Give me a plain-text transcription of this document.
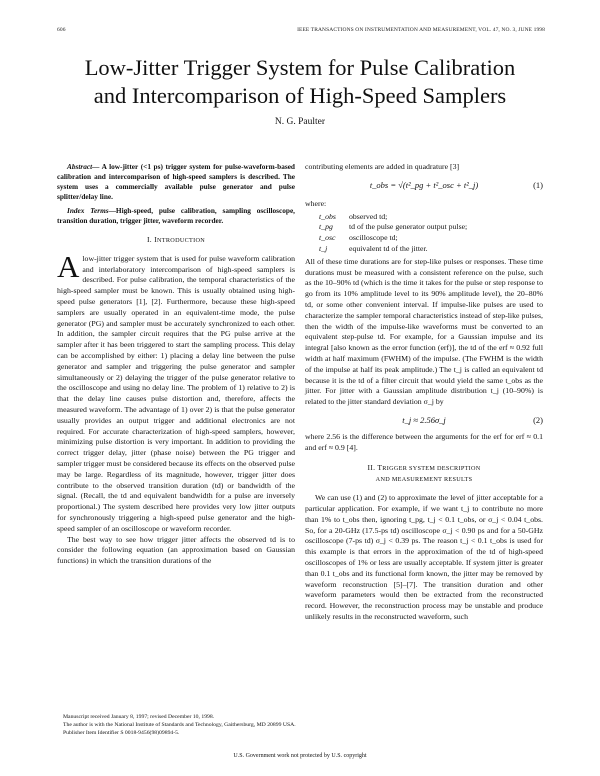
606	IEEE TRANSACTIONS ON INSTRUMENTATION AND MEASUREMENT, VOL. 47, NO. 3, JUNE 1998
Low-Jitter Trigger System for Pulse Calibration
and Intercomparison of High-Speed Samplers
N. G. Paulter

Abstract— A low-jitter (<1 ps) trigger system for pulse-waveform-based calibration and intercomparison of high-speed samplers is described. The system uses a commercially available pulse generator and pulse splitter/delay line.

Index Terms—High-speed, pulse calibration, sampling oscilloscope, transition duration, trigger jitter, waveform recorder.

I. INTRODUCTION

Alow-jitter trigger system that is used for pulse waveform calibration and interlaboratory intercomparison of high-speed samplers is described. For pulse calibration, the temporal characteristics of the high-speed sampler must be known. This is usually obtained using high-speed pulse generators [1], [2]. Furthermore, because these high-speed samplers are usually operated in an equivalent-time mode, the pulse generator (PG) and sampler must be accurately synchronized to each other. In addition, the sampler circuit requires that the PG pulse arrive at the sampler after it has been triggered to start the sampling process. This delay can be accomplished by either: 1) placing a delay line between the pulse generator and sampler and triggering the pulse generator and sampler simultaneously or 2) delaying the trigger of the pulse generator relative to the oscilloscope and using no delay line. The problem of 1) relative to 2) is that the delay line causes pulse distortion and, therefore, affects the measured waveform. The advantage of 1) over 2) is that the pulse generator usually provides an output trigger and additional electronics are not required. For accurate characterization of high-speed samplers, however, minimizing pulse distortion is very important. In addition to providing the correct trigger delay, jitter (phase noise) between the PG trigger and sampler trigger must be considered because its effects on the observed pulse may be large. Regardless of its magnitude, however, trigger jitter does contribute to the observed transition duration (td) or bandwidth of the signal. (Recall, the td and equivalent bandwidth for a pulse are inversely proportional.) The system described here provides very low jitter outputs for synchronously triggering a high-speed pulse generator and the high-speed sampler of an oscilloscope or waveform recorder.

The best way to see how trigger jitter affects the observed td is to consider the following equation (an approximation based on Gaussian functions) in which the transition durations of the

Manuscript received January 8, 1997; revised December 10, 1998.

The author is with the National Institute of Standards and Technology, Gaithersburg, MD 20899 USA.

Publisher Item Identifier S 0018-9456(98)09894-5.

contributing elements are added in quadrature [3]

t_obs = √(t²_pg + t²_osc + t²_j)	(1)

where:

t_obs	observed td;
t_pg	td of the pulse generator output pulse;
t_osc	oscilloscope td;
t_j	equivalent td of the jitter.

All of these time durations are for step-like pulses or responses. These time durations must be measured with a consistent reference on the pulse, such as the 10–90% td (which is the time it takes for the pulse or step response to go from its 10% amplitude level to its 90% amplitude level), the 20–80% td, or some other convenient interval. If impulse-like pulses are used to characterize the sampler temporal characteristics instead of step-like pulses, then the width of the impulse-like waveforms must be converted to an equivalent step-pulse td. For example, for a Gaussian impulse and its integral [also known as the error function (erf)], the td of the erf ≈ 0.92 full width at half maximum (FWHM) of the impulse. (The FWHM is the width of the impulse at half its peak amplitude.) The t_j is called an equivalent td because it is the td of a filter circuit that would yield the same t_obs as the jitter. For jitter with a Gaussian amplitude distribution t_j (10–90%) is related to the jitter standard deviation σ_j by

t_j ≈ 2.56σ_j	(2)

where 2.56 is the difference between the arguments for the erf for erf ≈ 0.1 and erf ≈ 0.9 [4].

II. TRIGGER SYSTEM DESCRIPTION
AND MEASUREMENT RESULTS

We can use (1) and (2) to approximate the level of jitter acceptable for a particular application. For example, if we want t_j to contribute no more than 1% to t_obs then, ignoring t_pg, t_j < 0.1 t_obs, or σ_j < 0.04 t_obs. So, for a 20-GHz (17.5-ps td) oscilloscope σ_j < 0.90 ps and for a 50-GHz oscilloscope (7-ps td) σ_j < 0.39 ps. The reason t_j < 0.1 t_obs is used for this example is that errors in the approximation of the td of high-speed oscilloscopes of 1% or less are usually acceptable. If system jitter is greater than 0.1 t_obs and its functional form known, the jitter may be removed by waveform reconstruction [5]–[7]. The transition duration and other waveform parameters would then be extracted from the reconstructed record. However, the reconstruction process may be unstable and produce unlikely results in the reconstructed waveform, such

U.S. Government work not protected by U.S. copyright
